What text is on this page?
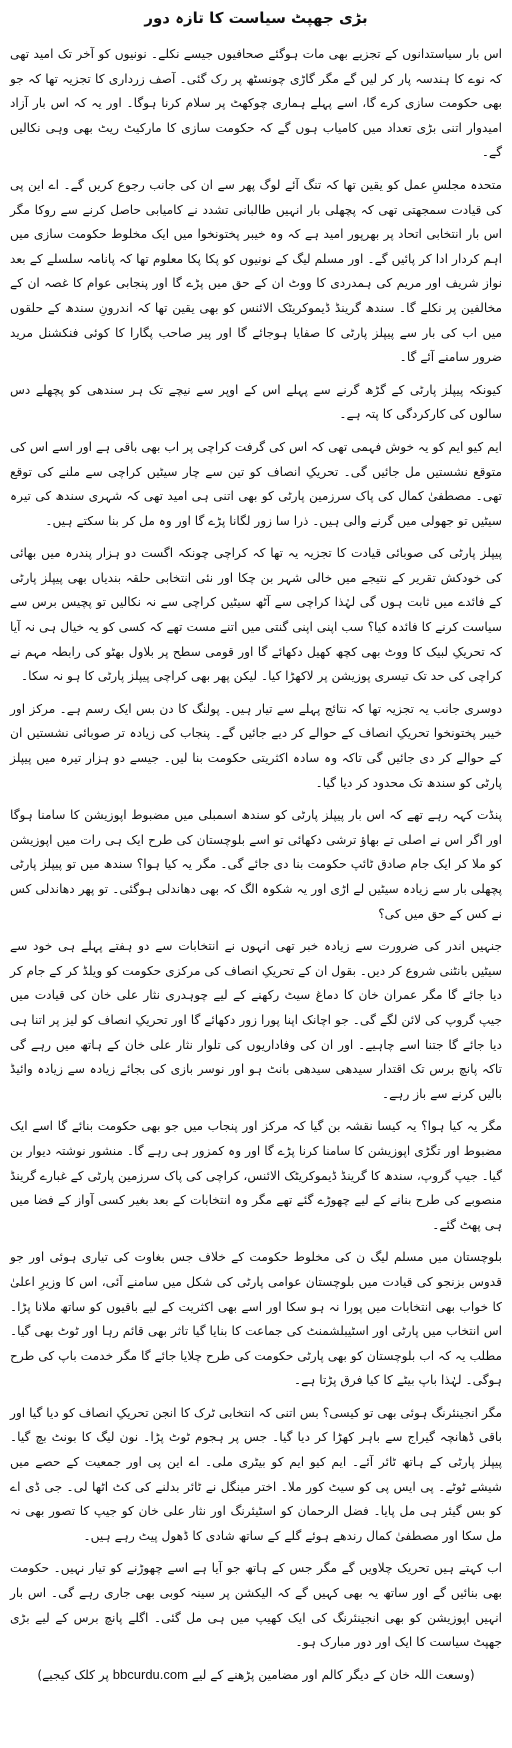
بڑی جھپٹ سیاست کا تازہ دور

اس بار سیاستدانوں کے تجزیے بھی مات ہوگئے صحافیوں جیسے نکلے۔ نونیوں کو آخر تک امید تھی کہ نوے کا ہندسہ پار کر لیں گے مگر گاڑی چونسٹھ پر رک گئی۔ آصف زرداری کا تجزیہ تھا کہ جو بھی حکومت سازی کرے گا، اسے پہلے ہماری چوکھٹ پر سلام کرنا ہوگا۔ اور یہ کہ اس بار آزاد امیدوار اتنی بڑی تعداد میں کامیاب ہوں گے کہ حکومت سازی کا مارکیٹ ریٹ بھی وہی نکالیں گے۔

متحدہ مجلسِ عمل کو یقین تھا کہ تنگ آئے لوگ پھر سے ان کی جانب رجوع کریں گے۔ اے این پی کی قیادت سمجھتی تھی کہ پچھلی بار انہیں طالبانی تشدد نے کامیابی حاصل کرنے سے روکا مگر اس بار انتخابی اتحاد پر بھرپور امید ہے کہ وہ خیبر پختونخوا میں ایک مخلوط حکومت سازی میں اہم کردار ادا کر پائیں گے۔ اور مسلم لیگ کے نونیوں کو پکا پکا معلوم تھا کہ پانامہ سلسلے کے بعد نواز شریف اور مریم کی ہمدردی کا ووٹ ان کے حق میں پڑے گا اور پنجابی عوام کا غصہ ان کے مخالفین پر نکلے گا۔ سندھ گرینڈ ڈیموکریٹک الائنس کو بھی یقین تھا کہ اندرونِ سندھ کے حلقوں میں اب کی بار سے پیپلز پارٹی کا صفایا ہوجائے گا اور پیر صاحب پگارا کا کوئی فنکشنل مرید ضرور سامنے آئے گا۔

کیونکہ پیپلز پارٹی کے گڑھ گرنے سے پہلے اس کے اوپر سے نیچے تک ہر سندھی کو پچھلے دس سالوں کی کارکردگی کا پتہ ہے۔

ایم کیو ایم کو یہ خوش فہمی تھی کہ اس کی گرفت کراچی پر اب بھی باقی ہے اور اسے اس کی متوقع نشستیں مل جائیں گی۔ تحریکِ انصاف کو تین سے چار سیٹیں کراچی سے ملنے کی توقع تھی۔ مصطفیٰ کمال کی پاک سرزمین پارٹی کو بھی اتنی ہی امید تھی کہ شہری سندھ کی تیرہ سیٹیں تو جھولی میں گرنے والی ہیں۔ ذرا سا زور لگانا پڑے گا اور وہ مل کر بنا سکتے ہیں۔

پیپلز پارٹی کی صوبائی قیادت کا تجزیہ یہ تھا کہ کراچی چونکہ اگست دو ہزار پندرہ میں بھائی کی خودکش تقریر کے نتیجے میں خالی شہر بن چکا اور نئی انتخابی حلقہ بندیاں بھی پیپلز پارٹی کے فائدے میں ثابت ہوں گی لہٰذا کراچی سے آٹھ سیٹیں کراچی سے نہ نکالیں تو پچیس برس سے سیاست کرنے کا فائدہ کیا؟ سب اپنی اپنی گنتی میں اتنے مست تھے کہ کسی کو یہ خیال ہی نہ آیا کہ تحریکِ لبیک کا ووٹ بھی کچھ کھیل دکھائے گا اور قومی سطح پر بلاول بھٹو کی رابطہ مہم نے کراچی کی حد تک تیسری پوزیشن پر لاکھڑا کیا۔ لیکن پھر بھی کراچی پیپلز پارٹی کا ہو نہ سکا۔

دوسری جانب یہ تجزیہ تھا کہ نتائج پہلے سے تیار ہیں۔ پولنگ کا دن بس ایک رسم ہے۔ مرکز اور خیبر پختونخوا تحریکِ انصاف کے حوالے کر دیے جائیں گے۔ پنجاب کی زیادہ تر صوبائی نشستیں ان کے حوالے کر دی جائیں گی تاکہ وہ سادہ اکثریتی حکومت بنا لیں۔ جیسے دو ہزار تیرہ میں پیپلز پارٹی کو سندھ تک محدود کر دیا گیا۔

پنڈت کہہ رہے تھے کہ اس بار پیپلز پارٹی کو سندھ اسمبلی میں مضبوط اپوزیشن کا سامنا ہوگا اور اگر اس نے اصلی تے بھاؤ ترشی دکھائی تو اسے بلوچستان کی طرح ایک ہی رات میں اپوزیشن کو ملا کر ایک جام صادق ٹائپ حکومت بنا دی جائے گی۔ مگر یہ کیا ہوا؟ سندھ میں تو پیپلز پارٹی پچھلی بار سے زیادہ سیٹیں لے اڑی اور یہ شکوہ الگ کہ بھی دھاندلی ہوگئی۔ تو پھر دھاندلی کس نے کس کے حق میں کی؟

جنہیں اندر کی ضرورت سے زیادہ خبر تھی انہوں نے انتخابات سے دو ہفتے پہلے ہی خود سے سیٹیں بانٹنی شروع کر دیں۔ بقول ان کے تحریکِ انصاف کی مرکزی حکومت کو ویلڈ کر کے جام کر دیا جائے گا مگر عمران خان کا دماغ سیٹ رکھنے کے لیے چوہدری نثار علی خان کی قیادت میں جیپ گروپ کی لائن لگے گی۔ جو اچانک اپنا پورا زور دکھائے گا اور تحریکِ انصاف کو لیز پر اتنا ہی دیا جائے گا جتنا اسے چاہیے۔ اور ان کی وفاداریوں کی تلوار نثار علی خان کے ہاتھ میں رہے گی تاکہ پانچ برس تک اقتدار سیدھی سیدھی بانٹ ہو اور نوسر بازی کی بجائے زیادہ سے زیادہ وائیڈ بالیں کرنے سے باز رہے۔

مگر یہ کیا ہوا؟ یہ کیسا نقشہ بن گیا کہ مرکز اور پنجاب میں جو بھی حکومت بنائے گا اسے ایک مضبوط اور تگڑی اپوزیشن کا سامنا کرنا پڑے گا اور وہ کمزور ہی رہے گا۔ منشور نوشتہ دیوار بن گیا۔ جیپ گروپ، سندھ کا گرینڈ ڈیموکریٹک الائنس، کراچی کی پاک سرزمین پارٹی کے غبارے گرینڈ منصوبے کی طرح بنانے کے لیے چھوڑے گئے تھے مگر وہ انتخابات کے بعد بغیر کسی آواز کے فضا میں ہی پھٹ گئے۔

بلوچستان میں مسلم لیگ ن کی مخلوط حکومت کے خلاف جس بغاوت کی تیاری ہوئی اور جو قدوس بزنجو کی قیادت میں بلوچستان عوامی پارٹی کی شکل میں سامنے آئی، اس کا وزیرِ اعلیٰ کا خواب بھی انتخابات میں پورا نہ ہو سکا اور اسے بھی اکثریت کے لیے باقیوں کو ساتھ ملانا پڑا۔ اس انتخاب میں پارٹی اور اسٹیبلشمنٹ کی جماعت کا بنایا گیا تاثر بھی قائم رہا اور ٹوٹ بھی گیا۔ مطلب یہ کہ اب بلوچستان کو بھی پارٹی حکومت کی طرح چلایا جائے گا مگر خدمت باپ کی طرح ہوگی۔ لہٰذا باپ بیٹے کا کیا فرق پڑتا ہے۔

مگر انجینئرنگ ہوئی بھی تو کیسی؟ بس اتنی کہ انتخابی ٹرک کا انجن تحریکِ انصاف کو دیا گیا اور باقی ڈھانچہ گیراج سے باہر کھڑا کر دیا گیا۔ جس پر ہجوم ٹوٹ پڑا۔ نون لیگ کا بونٹ بچ گیا۔ پیپلز پارٹی کے ہاتھ ٹائر آئے۔ ایم کیو ایم کو بیٹری ملی۔ اے این پی اور جمعیت کے حصے میں شیشے ٹوٹے۔ پی ایس پی کو سیٹ کور ملا۔ اختر مینگل نے ٹائر بدلنے کی کٹ اٹھا لی۔ جی ڈی اے کو بس گیئر ہی مل پایا۔ فضل الرحمان کو اسٹیئرنگ اور نثار علی خان کو جیپ کا تصور بھی نہ مل سکا اور مصطفیٰ کمال رندھے ہوئے گلے کے ساتھ شادی کا ڈھول پیٹ رہے ہیں۔

اب کہتے ہیں تحریک چلاویں گے مگر جس کے ہاتھ جو آیا ہے اسے چھوڑنے کو تیار نہیں۔ حکومت بھی بنائیں گے اور ساتھ یہ بھی کہیں گے کہ الیکشن پر سینہ کوبی بھی جاری رہے گی۔ اس بار انہیں اپوزیشن کو بھی انجینئرنگ کی ایک کھیپ میں ہی مل گئی۔ اگلے پانچ برس کے لیے بڑی جھپٹ سیاست کا ایک اور دور مبارک ہو۔

(وسعت اللہ خان کے دیگر کالم اور مضامین پڑھنے کے لیے bbcurdu.com پر کلک کیجیے)
